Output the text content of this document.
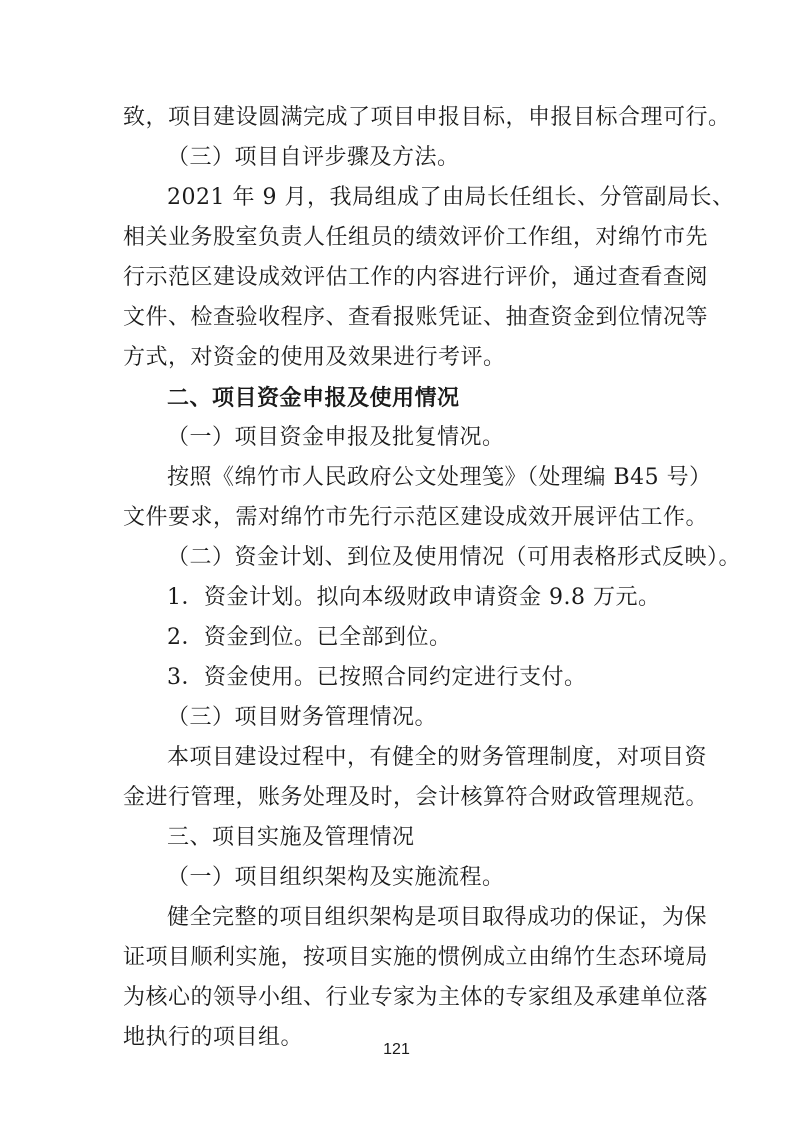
致，项目建设圆满完成了项目申报目标，申报目标合理可行。
（三）项目自评步骤及方法。
2021 年 9 月，我局组成了由局长任组长、分管副局长、
相关业务股室负责人任组员的绩效评价工作组，对绵竹市先
行示范区建设成效评估工作的内容进行评价，通过查看查阅
文件、检查验收程序、查看报账凭证、抽查资金到位情况等
方式，对资金的使用及效果进行考评。
二、项目资金申报及使用情况
（一）项目资金申报及批复情况。
按照《绵竹市人民政府公文处理笺》（处理编 B45 号）
文件要求，需对绵竹市先行示范区建设成效开展评估工作。
（二）资金计划、到位及使用情况（可用表格形式反映）。
1．资金计划。拟向本级财政申请资金 9.8 万元。
2．资金到位。已全部到位。
3．资金使用。已按照合同约定进行支付。
（三）项目财务管理情况。
本项目建设过程中，有健全的财务管理制度，对项目资
金进行管理，账务处理及时，会计核算符合财政管理规范。
三、项目实施及管理情况
（一）项目组织架构及实施流程。
健全完整的项目组织架构是项目取得成功的保证，为保
证项目顺利实施，按项目实施的惯例成立由绵竹生态环境局
为核心的领导小组、行业专家为主体的专家组及承建单位落
地执行的项目组。	121
